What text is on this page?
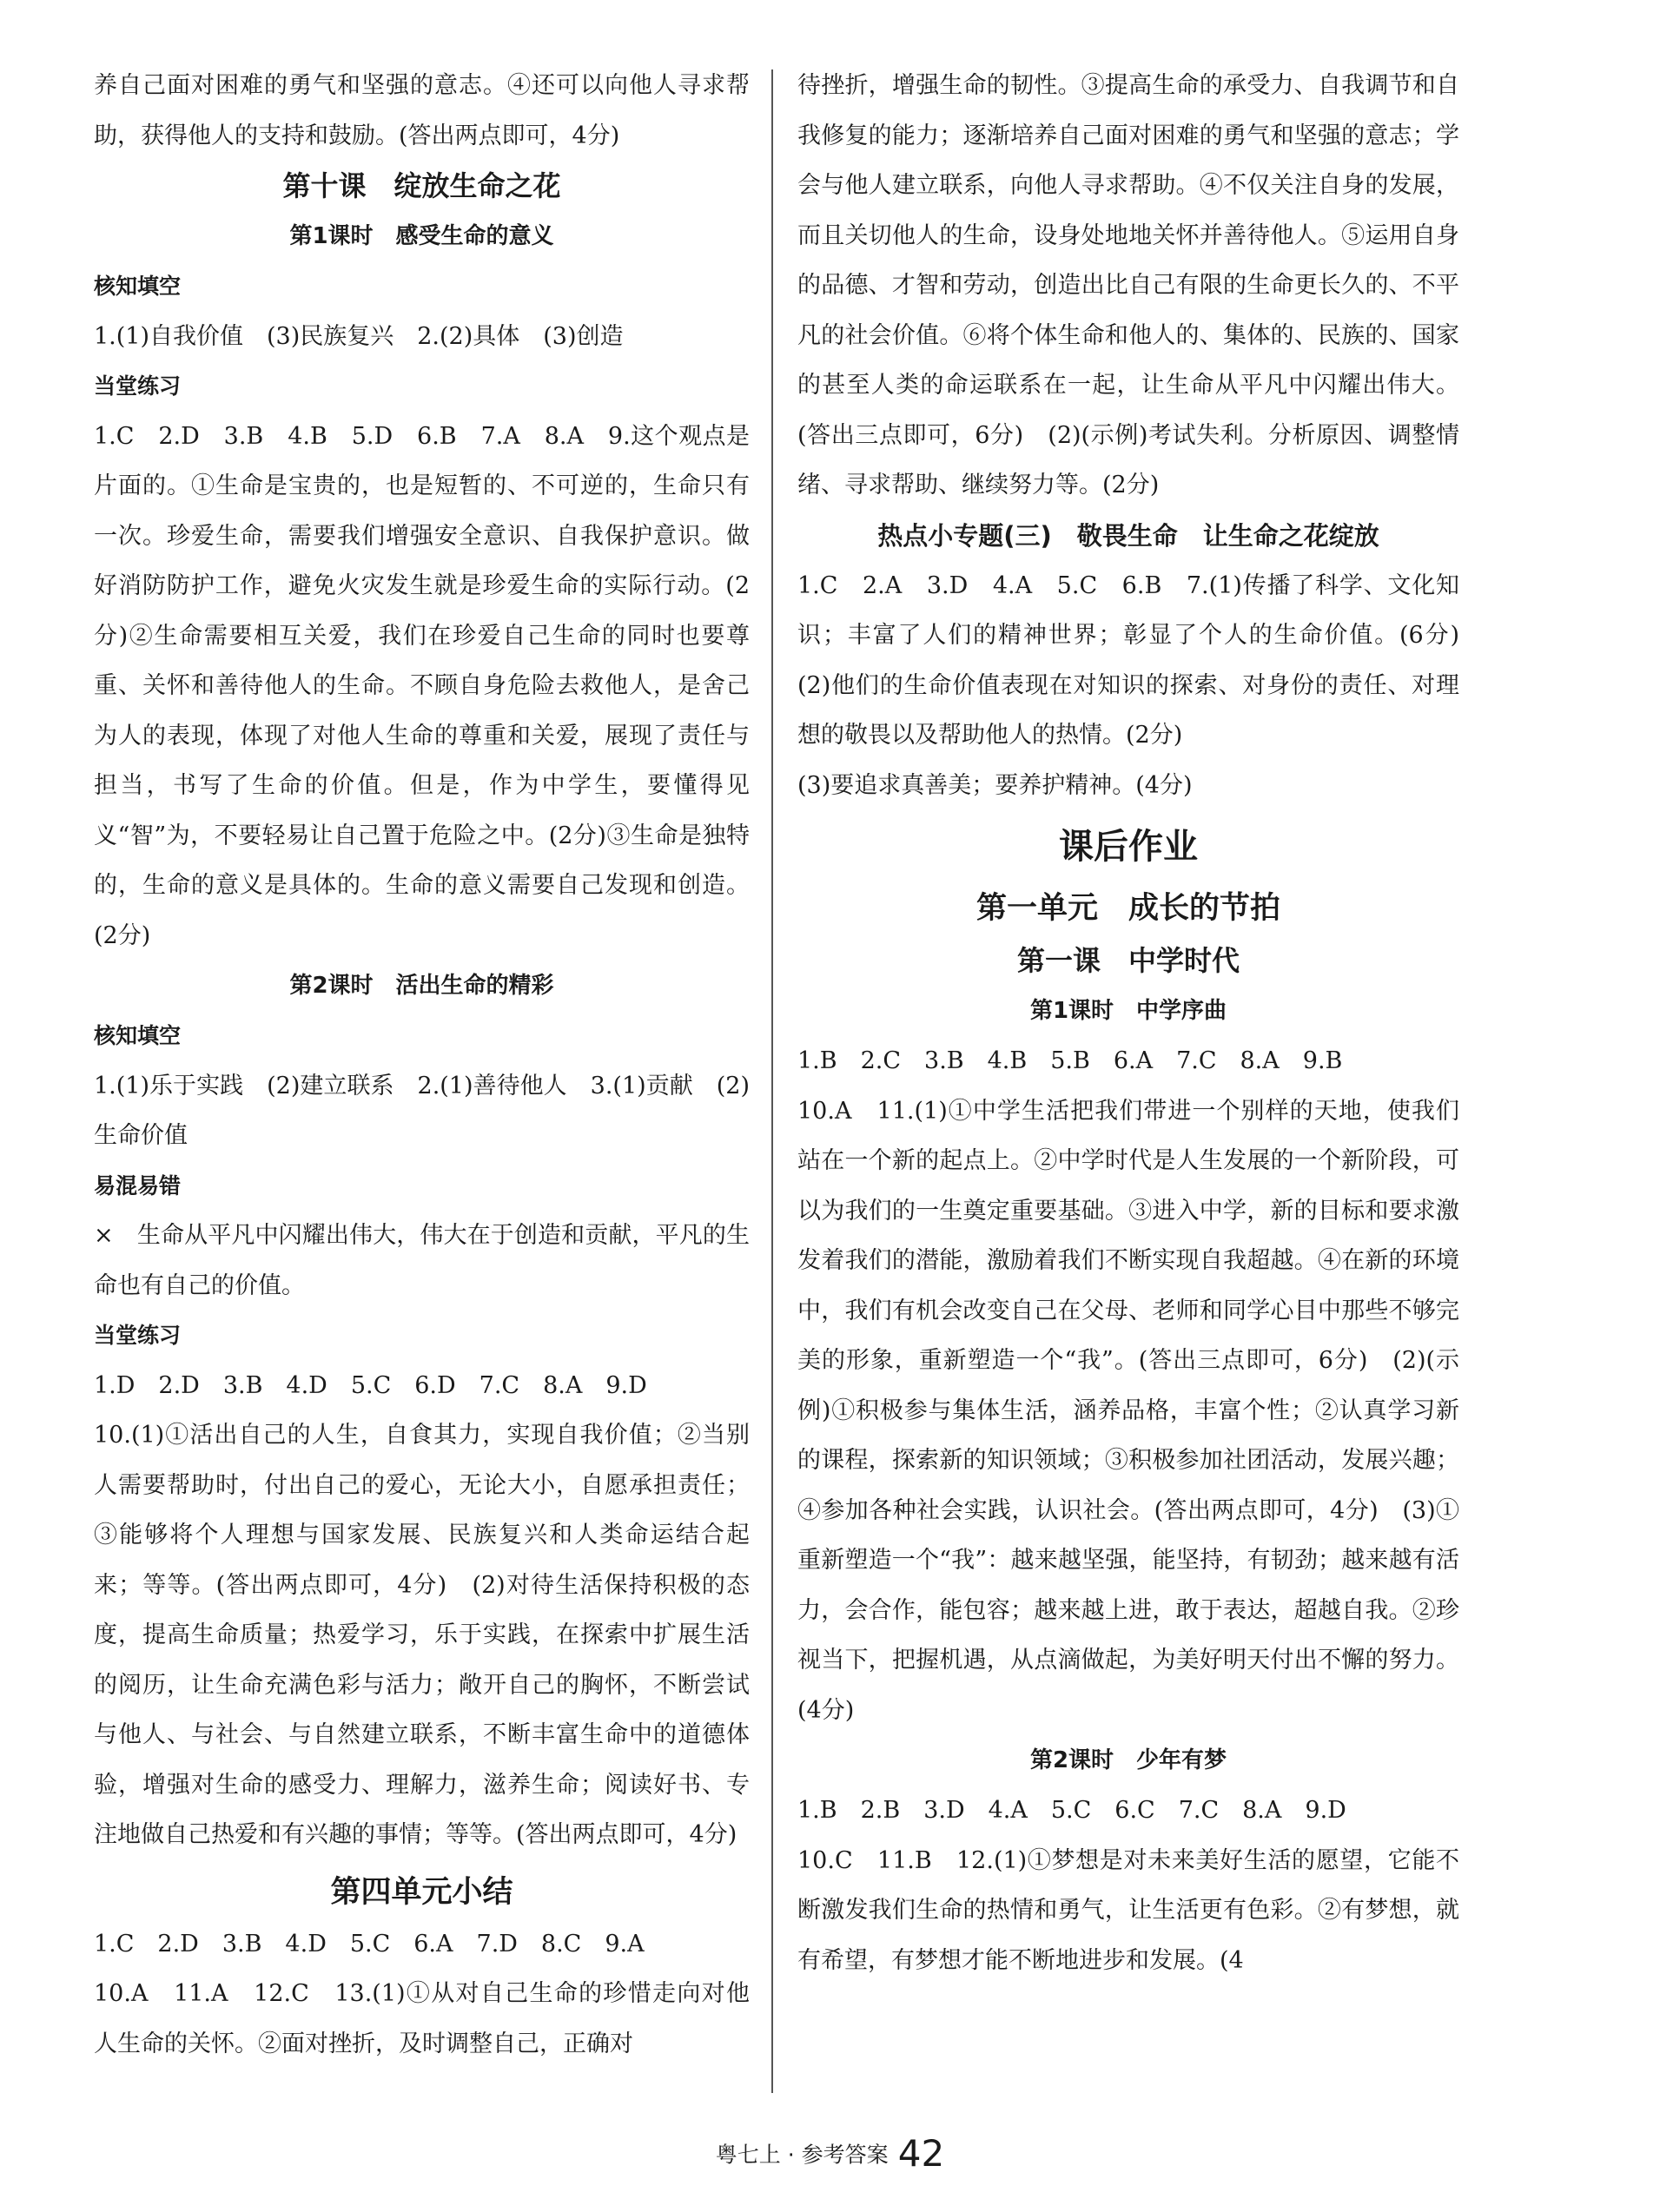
养自己面对困难的勇气和坚强的意志。④还可以向他人寻求帮助，获得他人的支持和鼓励。(答出两点即可，4分)

第十课　绽放生命之花

第1课时　感受生命的意义

核知填空

1.(1)自我价值　(3)民族复兴　2.(2)具体　(3)创造

当堂练习

1.C　2.D　3.B　4.B　5.D　6.B　7.A　8.A　9.这个观点是片面的。①生命是宝贵的，也是短暂的、不可逆的，生命只有一次。珍爱生命，需要我们增强安全意识、自我保护意识。做好消防防护工作，避免火灾发生就是珍爱生命的实际行动。(2分)②生命需要相互关爱，我们在珍爱自己生命的同时也要尊重、关怀和善待他人的生命。不顾自身危险去救他人，是舍己为人的表现，体现了对他人生命的尊重和关爱，展现了责任与担当，书写了生命的价值。但是，作为中学生，要懂得见义“智”为，不要轻易让自己置于危险之中。(2分)③生命是独特的，生命的意义是具体的。生命的意义需要自己发现和创造。(2分)

第2课时　活出生命的精彩

核知填空

1.(1)乐于实践　(2)建立联系　2.(1)善待他人　3.(1)贡献　(2)生命价值

易混易错

×　生命从平凡中闪耀出伟大，伟大在于创造和贡献，平凡的生命也有自己的价值。

当堂练习

1.D　2.D　3.B　4.D　5.C　6.D　7.C　8.A　9.D

10.(1)①活出自己的人生，自食其力，实现自我价值；②当别人需要帮助时，付出自己的爱心，无论大小，自愿承担责任；③能够将个人理想与国家发展、民族复兴和人类命运结合起来；等等。(答出两点即可，4分)　(2)对待生活保持积极的态度，提高生命质量；热爱学习，乐于实践，在探索中扩展生活的阅历，让生命充满色彩与活力；敞开自己的胸怀，不断尝试与他人、与社会、与自然建立联系，不断丰富生命中的道德体验，增强对生命的感受力、理解力，滋养生命；阅读好书、专注地做自己热爱和有兴趣的事情；等等。(答出两点即可，4分)

第四单元小结

1.C　2.D　3.B　4.D　5.C　6.A　7.D　8.C　9.A

10.A　11.A　12.C　13.(1)①从对自己生命的珍惜走向对他人生命的关怀。②面对挫折，及时调整自己，正确对

待挫折，增强生命的韧性。③提高生命的承受力、自我调节和自我修复的能力；逐渐培养自己面对困难的勇气和坚强的意志；学会与他人建立联系，向他人寻求帮助。④不仅关注自身的发展，而且关切他人的生命，设身处地地关怀并善待他人。⑤运用自身的品德、才智和劳动，创造出比自己有限的生命更长久的、不平凡的社会价值。⑥将个体生命和他人的、集体的、民族的、国家的甚至人类的命运联系在一起，让生命从平凡中闪耀出伟大。(答出三点即可，6分)　(2)(示例)考试失利。分析原因、调整情绪、寻求帮助、继续努力等。(2分)

热点小专题(三)　敬畏生命　让生命之花绽放

1.C　2.A　3.D　4.A　5.C　6.B　7.(1)传播了科学、文化知识；丰富了人们的精神世界；彰显了个人的生命价值。(6分)　(2)他们的生命价值表现在对知识的探索、对身份的责任、对理想的敬畏以及帮助他人的热情。(2分)

(3)要追求真善美；要养护精神。(4分)

课后作业

第一单元　成长的节拍

第一课　中学时代

第1课时　中学序曲

1.B　2.C　3.B　4.B　5.B　6.A　7.C　8.A　9.B

10.A　11.(1)①中学生活把我们带进一个别样的天地，使我们站在一个新的起点上。②中学时代是人生发展的一个新阶段，可以为我们的一生奠定重要基础。③进入中学，新的目标和要求激发着我们的潜能，激励着我们不断实现自我超越。④在新的环境中，我们有机会改变自己在父母、老师和同学心目中那些不够完美的形象，重新塑造一个“我”。(答出三点即可，6分)　(2)(示例)①积极参与集体生活，涵养品格，丰富个性；②认真学习新的课程，探索新的知识领域；③积极参加社团活动，发展兴趣；④参加各种社会实践，认识社会。(答出两点即可，4分)　(3)①重新塑造一个“我”：越来越坚强，能坚持，有韧劲；越来越有活力，会合作，能包容；越来越上进，敢于表达，超越自我。②珍视当下，把握机遇，从点滴做起，为美好明天付出不懈的努力。(4分)

第2课时　少年有梦

1.B　2.B　3.D　4.A　5.C　6.C　7.C　8.A　9.D

10.C　11.B　12.(1)①梦想是对未来美好生活的愿望，它能不断激发我们生命的热情和勇气，让生活更有色彩。②有梦想，就有希望，有梦想才能不断地进步和发展。(4

粤七上 · 参考答案 42
